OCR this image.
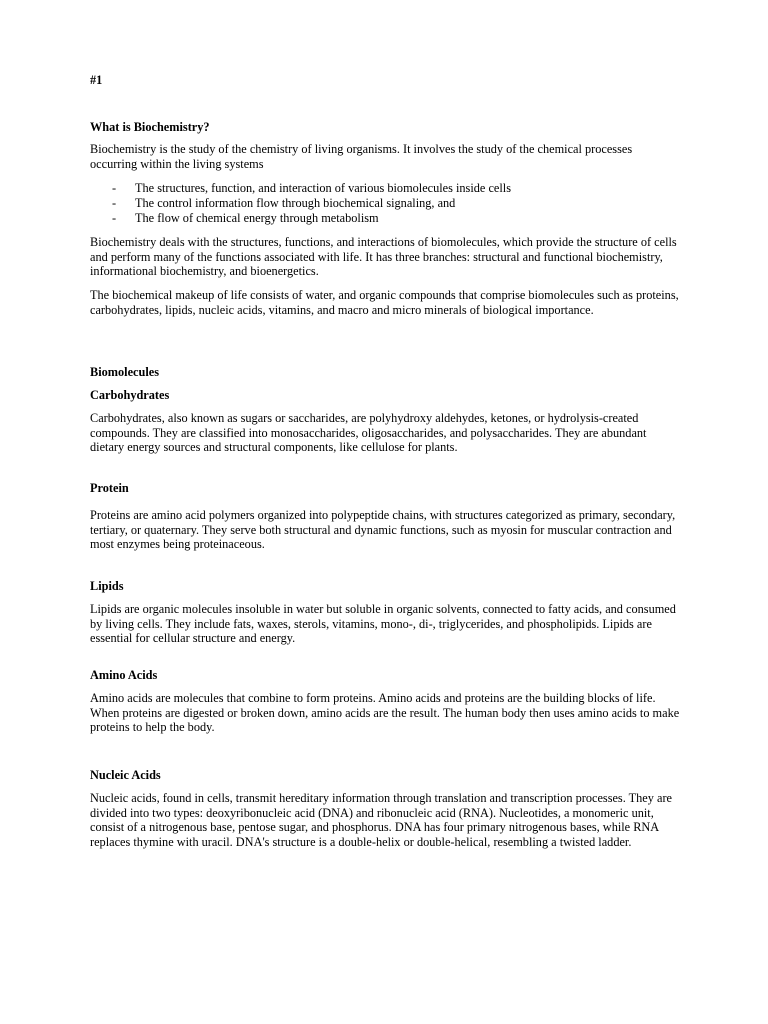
#1

What is Biochemistry?

Biochemistry is the study of the chemistry of living organisms. It involves the study of the chemical processes occurring within the living systems

- The structures, function, and interaction of various biomolecules inside cells
- The control information flow through biochemical signaling, and
- The flow of chemical energy through metabolism

Biochemistry deals with the structures, functions, and interactions of biomolecules, which provide the structure of cells and perform many of the functions associated with life. It has three branches: structural and functional biochemistry, informational biochemistry, and bioenergetics.

The biochemical makeup of life consists of water, and organic compounds that comprise biomolecules such as proteins, carbohydrates, lipids, nucleic acids, vitamins, and macro and micro minerals of biological importance.

Biomolecules

Carbohydrates

Carbohydrates, also known as sugars or saccharides, are polyhydroxy aldehydes, ketones, or hydrolysis-created compounds. They are classified into monosaccharides, oligosaccharides, and polysaccharides. They are abundant dietary energy sources and structural components, like cellulose for plants.

Protein

Proteins are amino acid polymers organized into polypeptide chains, with structures categorized as primary, secondary, tertiary, or quaternary. They serve both structural and dynamic functions, such as myosin for muscular contraction and most enzymes being proteinaceous.

Lipids

Lipids are organic molecules insoluble in water but soluble in organic solvents, connected to fatty acids, and consumed by living cells. They include fats, waxes, sterols, vitamins, mono-, di-, triglycerides, and phospholipids. Lipids are essential for cellular structure and energy.

Amino Acids

Amino acids are molecules that combine to form proteins. Amino acids and proteins are the building blocks of life. When proteins are digested or broken down, amino acids are the result. The human body then uses amino acids to make proteins to help the body.

Nucleic Acids

Nucleic acids, found in cells, transmit hereditary information through translation and transcription processes. They are divided into two types: deoxyribonucleic acid (DNA) and ribonucleic acid (RNA). Nucleotides, a monomeric unit, consist of a nitrogenous base, pentose sugar, and phosphorus. DNA has four primary nitrogenous bases, while RNA replaces thymine with uracil. DNA's structure is a double-helix or double-helical, resembling a twisted ladder.
